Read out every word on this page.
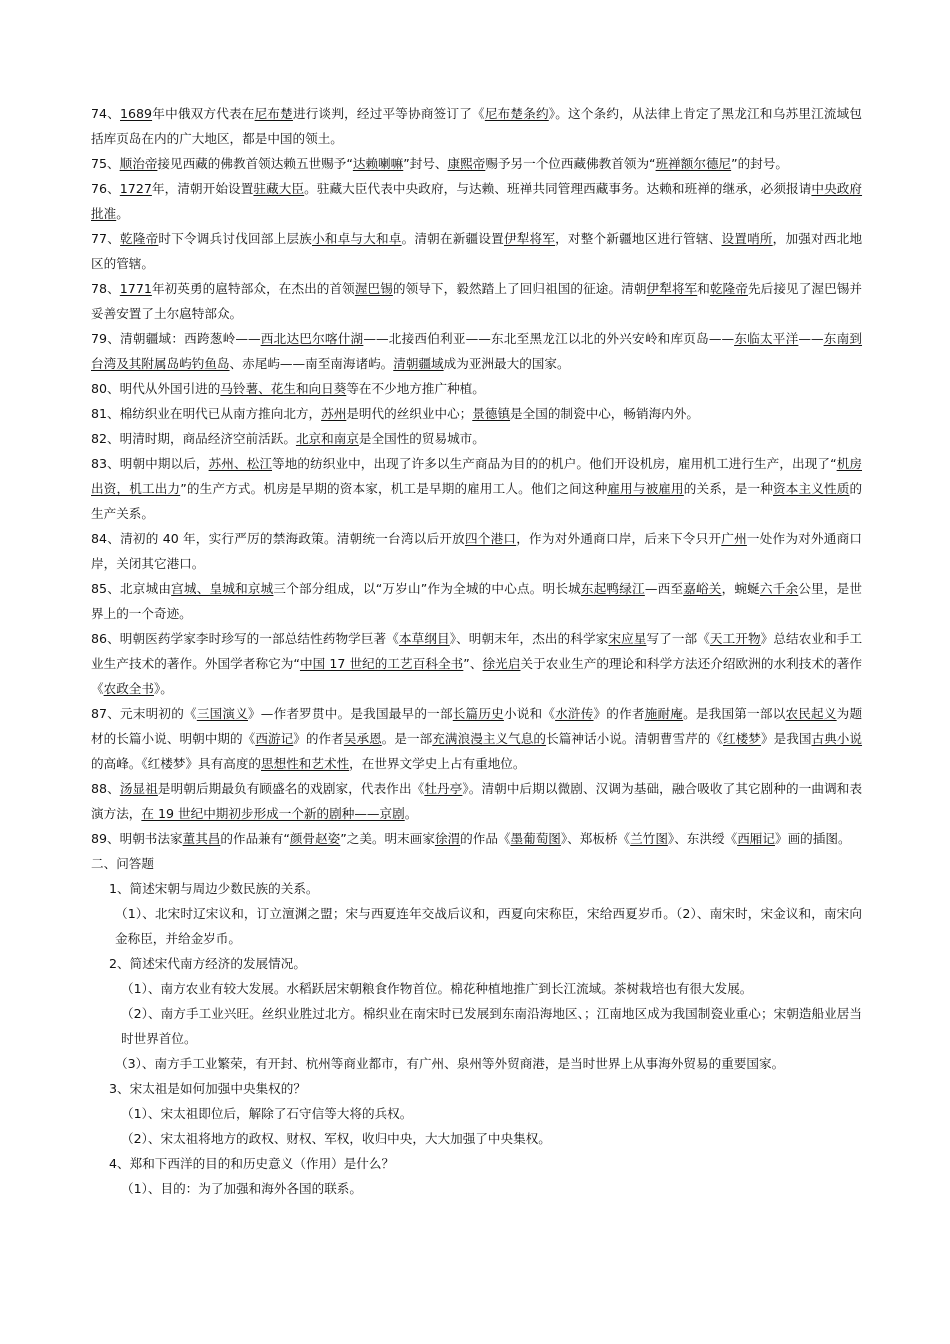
74、1689年中俄双方代表在尼布楚进行谈判，经过平等协商签订了《尼布楚条约》。这个条约，从法律上肯定了黑龙江和乌苏里江流域包括库页岛在内的广大地区，都是中国的领土。

75、顺治帝接见西藏的佛教首领达赖五世赐予“达赖喇嘛”封号、康熙帝赐予另一个位西藏佛教首领为“班禅额尔德尼”的封号。

76、1727年，清朝开始设置驻藏大臣。驻藏大臣代表中央政府，与达赖、班禅共同管理西藏事务。达赖和班禅的继承，必须报请中央政府批准。

77、乾隆帝时下令调兵讨伐回部上层族小和卓与大和卓。清朝在新疆设置伊犁将军，对整个新疆地区进行管辖、设置哨所，加强对西北地区的管辖。

78、1771年初英勇的扈特部众，在杰出的首领渥巴锡的领导下，毅然踏上了回归祖国的征途。清朝伊犁将军和乾隆帝先后接见了渥巴锡并妥善安置了土尔扈特部众。

79、清朝疆域：西跨葱岭——西北达巴尔喀什湖——北接西伯利亚——东北至黑龙江以北的外兴安岭和库页岛——东临太平洋——东南到台湾及其附属岛屿钓鱼岛、赤尾屿——南至南海诸屿。清朝疆域成为亚洲最大的国家。

80、明代从外国引进的马铃薯、花生和向日葵等在不少地方推广种植。

81、棉纺织业在明代已从南方推向北方，苏州是明代的丝织业中心；景德镇是全国的制瓷中心，畅销海内外。

82、明清时期，商品经济空前活跃。北京和南京是全国性的贸易城市。

83、明朝中期以后，苏州、松江等地的纺织业中，出现了许多以生产商品为目的的机户。他们开设机房，雇用机工进行生产，出现了“机房出资，机工出力”的生产方式。机房是早期的资本家，机工是早期的雇用工人。他们之间这种雇用与被雇用的关系，是一种资本主义性质的生产关系。

84、清初的 40 年，实行严厉的禁海政策。清朝统一台湾以后开放四个港口，作为对外通商口岸，后来下令只开广州一处作为对外通商口岸，关闭其它港口。

85、北京城由宫城、皇城和京城三个部分组成，以“万岁山”作为全城的中心点。明长城东起鸭绿江—西至嘉峪关，蜿蜒六千余公里，是世界上的一个奇迹。

86、明朝医药学家李时珍写的一部总结性药物学巨著《本草纲目》、明朝末年，杰出的科学家宋应星写了一部《天工开物》总结农业和手工业生产技术的著作。外国学者称它为“中国 17 世纪的工艺百科全书”、徐光启关于农业生产的理论和科学方法还介绍欧洲的水利技术的著作《农政全书》。

87、元末明初的《三国演义》—作者罗贯中。是我国最早的一部长篇历史小说和《水浒传》的作者施耐庵。是我国第一部以农民起义为题材的长篇小说、明朝中期的《西游记》的作者吴承恩。是一部充满浪漫主义气息的长篇神话小说。清朝曹雪芹的《红楼梦》是我国古典小说的高峰。《红楼梦》具有高度的思想性和艺术性，在世界文学史上占有重地位。

88、汤显祖是明朝后期最负有顾盛名的戏剧家，代表作出《牡丹亭》。清朝中后期以微剧、汉调为基础，融合吸收了其它剧种的一曲调和表演方法，在 19 世纪中期初步形成一个新的剧种——京剧。

89、明朝书法家董其昌的作品兼有“颜骨赵姿”之美。明末画家徐渭的作品《墨葡萄图》、郑板桥《兰竹图》、东洪绶《西厢记》画的插图。

二、问答题

1、简述宋朝与周边少数民族的关系。

（1）、北宋时辽宋议和，订立澶渊之盟；宋与西夏连年交战后议和，西夏向宋称臣，宋给西夏岁币。（2）、南宋时，宋金议和，南宋向金称臣，并给金岁币。

2、简述宋代南方经济的发展情况。

（1）、南方农业有较大发展。水稻跃居宋朝粮食作物首位。棉花种植地推广到长江流域。茶树栽培也有很大发展。

（2）、南方手工业兴旺。丝织业胜过北方。棉织业在南宋时已发展到东南沿海地区、；江南地区成为我国制瓷业重心；宋朝造船业居当时世界首位。

（3）、南方手工业繁荣，有开封、杭州等商业都市，有广州、泉州等外贸商港，是当时世界上从事海外贸易的重要国家。

3、宋太祖是如何加强中央集权的？

（1）、宋太祖即位后，解除了石守信等大将的兵权。

（2）、宋太祖将地方的政权、财权、军权，收归中央，大大加强了中央集权。

4、郑和下西洋的目的和历史意义（作用）是什么？

（1）、目的：为了加强和海外各国的联系。
